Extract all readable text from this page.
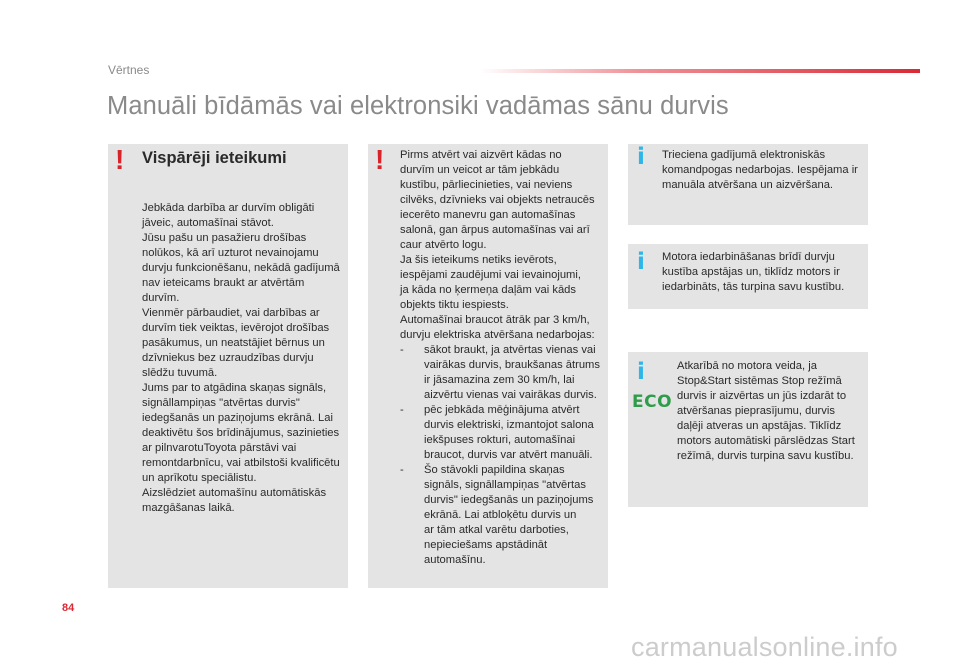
Vērtnes
Manuāli bīdāmās vai elektronsiki vadāmas sānu durvis
! Vispārēji ieteikumi
Jebkāda darbība ar durvīm obligāti
jāveic, automašīnai stāvot.
Jūsu pašu un pasažieru drošības
nolūkos, kā arī uzturot nevainojamu
durvju funkcionēšanu, nekādā gadījumā
nav ieteicams braukt ar atvērtām
durvīm.
Vienmēr pārbaudiet, vai darbības ar
durvīm tiek veiktas, ievērojot drošības
pasākumus, un neatstājiet bērnus un
dzīvniekus bez uzraudzības durvju
slēdžu tuvumā.
Jums par to atgādina skaņas signāls,
signāllampiņas "atvērtas durvis"
iedegšanās un paziņojums ekrānā. Lai
deaktivētu šos brīdinājumus, sazinieties
ar pilnvarotuToyota pārstāvi vai
remontdarbnīcu, vai atbilstoši kvalificētu
un aprīkotu speciālistu.
Aizslēdziet automašīnu automātiskās
mazgāšanas laikā.
! Pirms atvērt vai aizvērt kādas no
durvīm un veicot ar tām jebkādu
kustību, pārliecinieties, vai neviens
cilvēks, dzīvnieks vai objekts netraucēs
iecerēto manevru gan automašīnas
salonā, gan ārpus automašīnas vai arī
caur atvērto logu.
Ja šis ieteikums netiks ievērots,
iespējami zaudējumi vai ievainojumi,
ja kāda no ķermeņa daļām vai kāds
objekts tiktu iespiests.
Automašīnai braucot ātrāk par 3 km/h,
durvju elektriska atvēršana nedarbojas:
- sākot braukt, ja atvērtas vienas vai
vairākas durvis, braukšanas ātrums
ir jāsamazina zem 30 km/h, lai
aizvērtu vienas vai vairākas durvis.
- pēc jebkāda mēģinājuma atvērt
durvis elektriski, izmantojot salona
iekšpuses rokturi, automašīnai
braucot, durvis var atvērt manuāli.
- Šo stāvokli papildina skaņas
signāls, signāllampiņas "atvērtas
durvis" iedegšanās un paziņojums
ekrānā. Lai atbloķētu durvis un
ar tām atkal varētu darboties,
nepieciešams apstādināt
automašīnu.
i Trieciena gadījumā elektroniskās
komandpogas nedarbojas. Iespējama ir
manuāla atvēršana un aizvēršana.
i Motora iedarbināšanas brīdī durvju
kustība apstājas un, tiklīdz motors ir
iedarbināts, tās turpina savu kustību.
i
ECO
Atkarībā no motora veida, ja
Stop&Start sistēmas Stop režīmā
durvis ir aizvērtas un jūs izdarāt to
atvēršanas pieprasījumu, durvis
daļēji atveras un apstājas. Tiklīdz
motors automātiski pārslēdzas Start
režīmā, durvis turpina savu kustību.
84
carmanualsonline.info
